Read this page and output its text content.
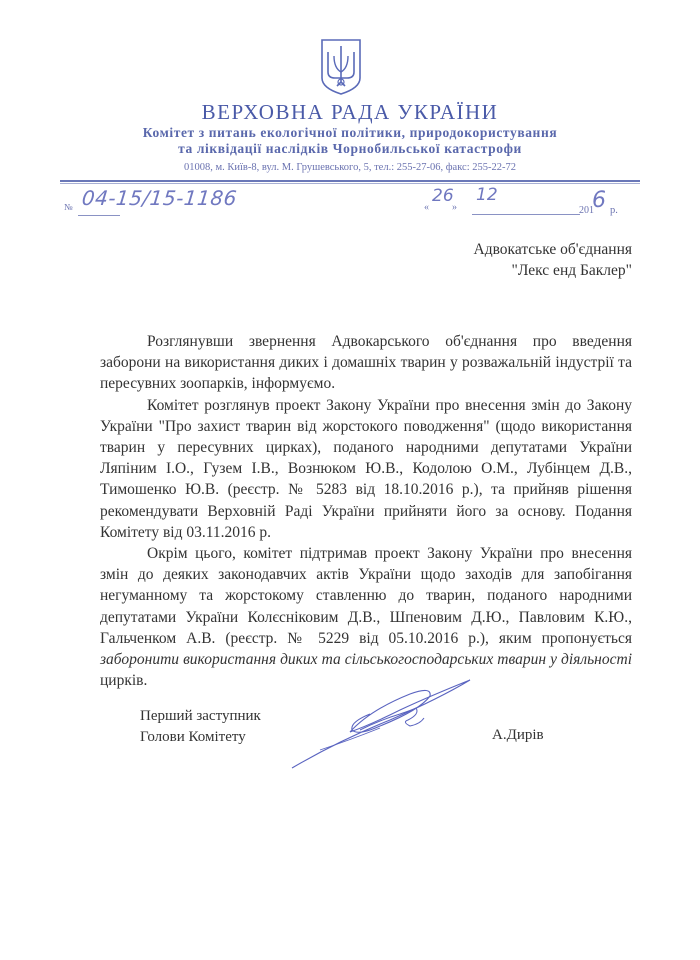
ВЕРХОВНА РАДА УКРАЇНИ
Комітет з питань екологічної політики, природокористування
та ліквідації наслідків Чорнобильської катастрофи
01008, м. Київ-8, вул. М. Грушевського, 5, тел.: 255-27-06, факс: 255-22-72
№ 04-15/15-1186	«
26
»
12
201
6 р.
Адвокатське об'єднання
"Лекс енд Баклер"

Розглянувши звернення Адвокарського об'єднання про введення заборони на використання диких і домашніх тварин у розважальній індустрії та пересувних зоопарків, інформуємо.

Комітет розглянув проект Закону України про внесення змін до Закону України "Про захист тварин від жорстокого поводження" (щодо використання тварин у пересувних цирках), поданого народними депутатами України Ляпіним І.О., Гузем І.В., Вознюком Ю.В., Кодолою О.М., Лубінцем Д.В., Тимошенко Ю.В. (реєстр. № 5283 від 18.10.2016 р.), та прийняв рішення рекомендувати Верховній Раді України прийняти його за основу. Подання Комітету від 03.11.2016 р.

Окрім цього, комітет підтримав проект Закону України про внесення змін до деяких законодавчих актів України щодо заходів для запобігання негуманному та жорстокому ставленню до тварин, поданого народними депутатами України Колєсніковим Д.В., Шпеновим Д.Ю., Павловим К.Ю., Гальченком А.В. (реєстр. № 5229 від 05.10.2016 р.), яким пропонується заборонити використання диких та сільськогосподарських тварин у діяльності цирків.

Перший заступник
Голови Комітету	А.Дирів
